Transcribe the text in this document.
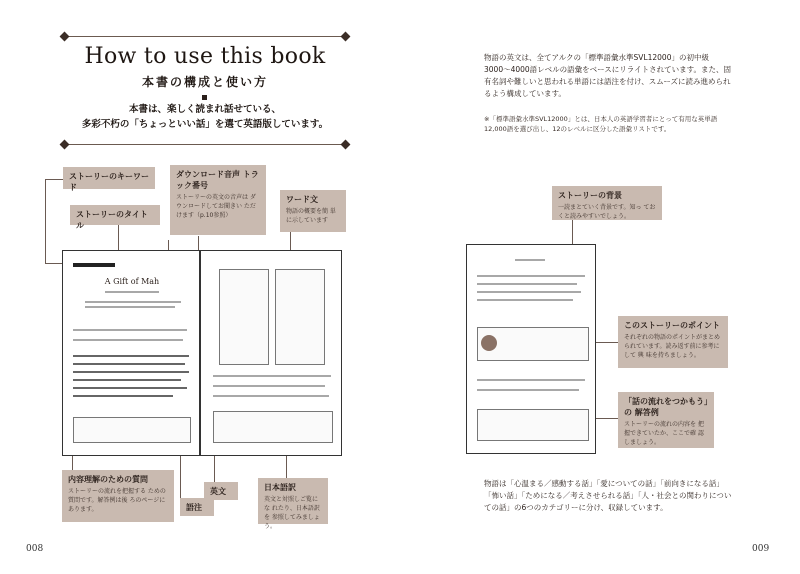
How to use this book
本書の構成と使い方
本書は、楽しく読まれ話せている、
多彩不朽の「ちょっといい話」を選て英語版しています。
ストーリーのキーワード
ストーリーのタイトル
ダウンロード音声 トラック番号
ストーリーの英文の音声は ダウンロードしてお聞きい ただけます（p.10参照）
ワード文
物語の概要を簡 単に示しています
A Gift of Mah
内容理解のための質問
ストーリーの流れを把握する ための質問です。解答例は後 ろのページにあります。
英文
語注
日本語訳
英文と対照しご覧にな れたり、日本語訳を 参照してみましょう。
008
物語の英文は、全てアルクの「標準語彙水準SVL12000」の初中級3000〜4000語レベルの語彙をベースにリライトされています。また、固有名詞や難しいと思われる単語には語注を付け、スムーズに読み進められるよう構成しています。
※「標準語彙水準SVL12000」とは、日本人の英語学習者にとって有用な英単語12,000語を選び出し、12のレベルに区分した語彙リストです。
ストーリーの背景
一読まとていく背景です。知っ ておくと読みやすいでしょう。
このストーリーのポイント
それぞれの物語のポイントがまとめ られています。読み返す前に参考にして 興 味を持ちましょう。
「話の流れをつかもう」の 解答例
ストーリーの流れの内容を 把握できていたか、ここで確 認しましょう。
物語は「心温まる／感動する話」「愛についての話」「前向きになる話」「怖い話」「ためになる／考えさせられる話」「人・社会との関わりについての話」の6つのカテゴリーに分け、収録しています。
009
